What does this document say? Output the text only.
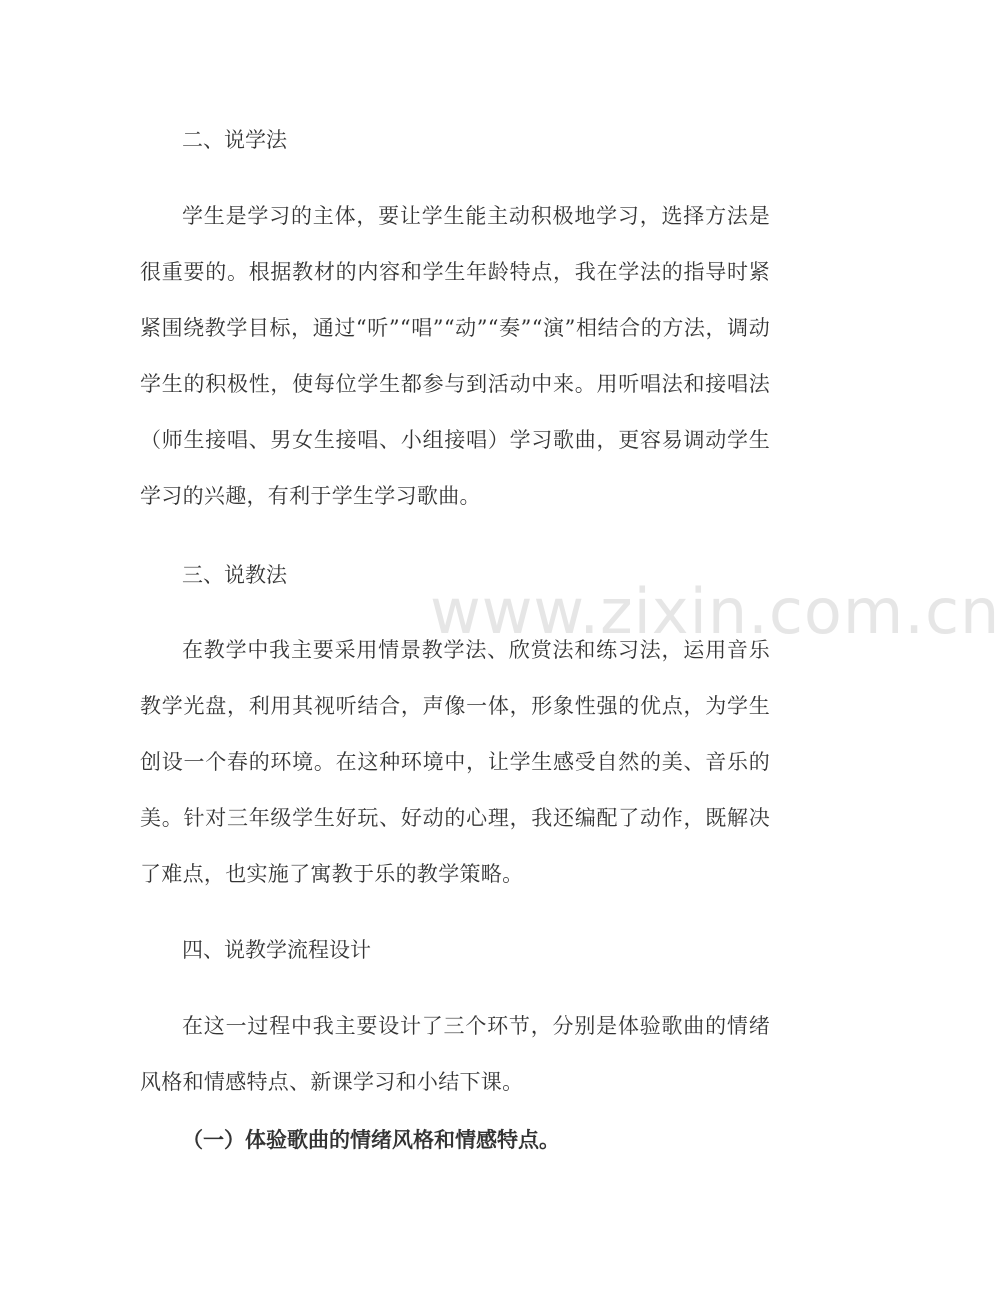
www.zixin.com.cn
二、说学法
学生是学习的主体，要让学生能主动积极地学习，选择方法是很重要的。根据教材的内容和学生年龄特点，我在学法的指导时紧紧围绕教学目标，通过“听”“唱”“动”“奏”“演”相结合的方法，调动学生的积极性，使每位学生都参与到活动中来。用听唱法和接唱法（师生接唱、男女生接唱、小组接唱）学习歌曲，更容易调动学生学习的兴趣，有利于学生学习歌曲。
三、说教法
在教学中我主要采用情景教学法、欣赏法和练习法，运用音乐教学光盘，利用其视听结合，声像一体，形象性强的优点，为学生创设一个春的环境。在这种环境中，让学生感受自然的美、音乐的美。针对三年级学生好玩、好动的心理，我还编配了动作，既解决了难点，也实施了寓教于乐的教学策略。
四、说教学流程设计
在这一过程中我主要设计了三个环节，分别是体验歌曲的情绪风格和情感特点、新课学习和小结下课。
（一）体验歌曲的情绪风格和情感特点。
